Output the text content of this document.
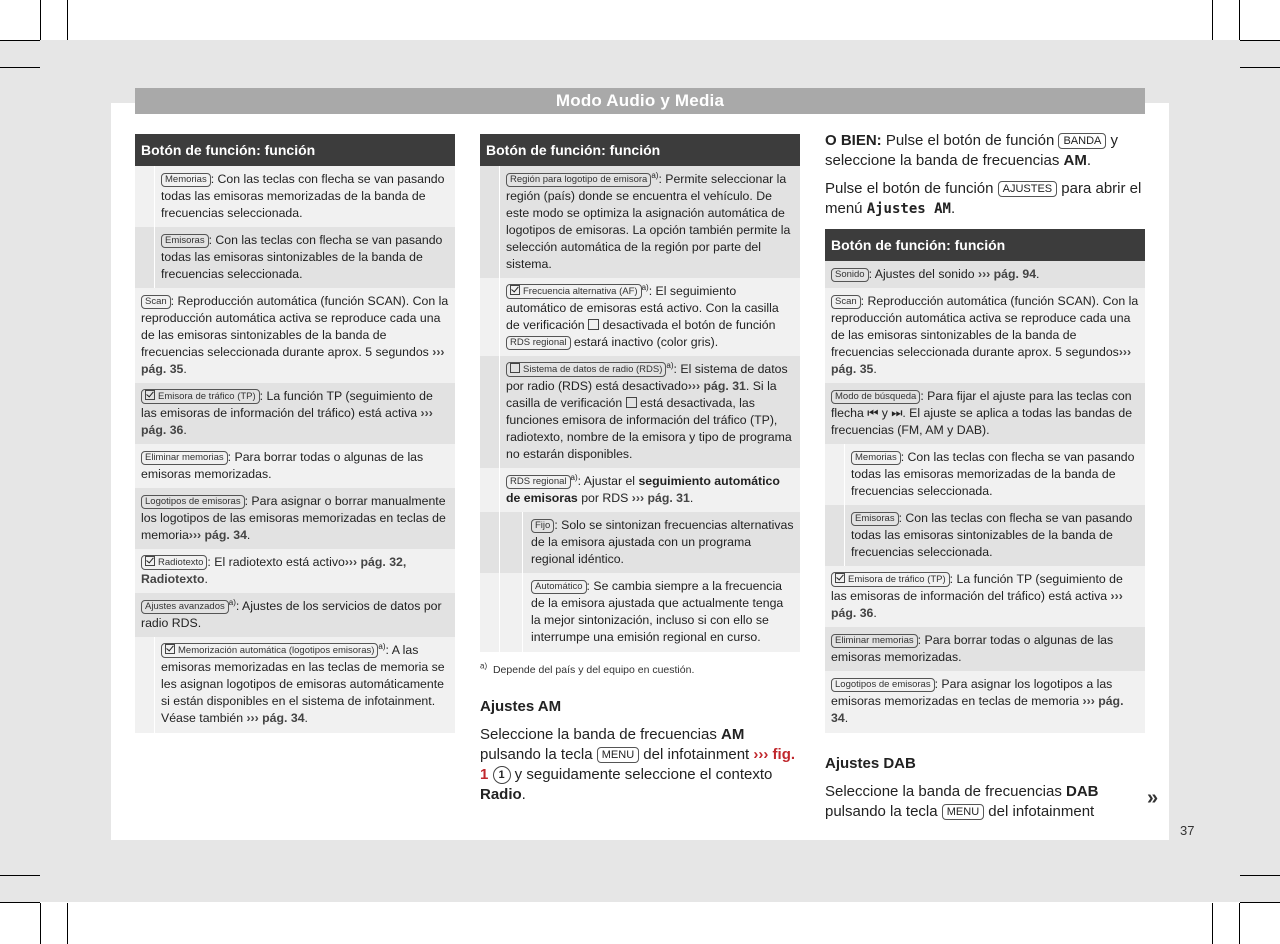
Modo Audio y Media
Botón de función: función	
	Memorias : Con las teclas con flecha se van pasando todas las emisoras memorizadas de la banda de frecuencias seleccionada.
	Emisoras : Con las teclas con flecha se van pasando todas las emisoras sintonizables de la banda de frecuencias seleccionada.
Scan : Reproducción automática (función SCAN). Con la reproducción automática activa se reproduce cada una de las emisoras sintonizables de la banda de frecuencias seleccionada durante aprox. 5 segundos ››› pág. 35.	
Emisora de tráfico (TP) : La función TP (seguimiento de las emisoras de información del tráfico) está activa ››› pág. 36.	
Eliminar memorias : Para borrar todas o algunas de las emisoras memorizadas.	
Logotipos de emisoras : Para asignar o borrar manualmente los logotipos de las emisoras memorizadas en teclas de memoria››› pág. 34.	
Radiotexto : El radiotexto está activo››› pág. 32, Radiotexto.	
Ajustes avanzados $^{a)}$: Ajustes de los servicios de datos por radio RDS.	
	Memorización automática (logotipos emisoras) $^{a)}$: A las emisoras memorizadas en las teclas de memoria se les asignan logotipos de emisoras automáticamente si están disponibles en el sistema de infotainment. Véase también ››› pág. 34.
Botón de función: función	
	Región para logotipo de emisora $^{a)}$: Permite seleccionar la región (país) donde se encuentra el vehículo. De este modo se optimiza la asignación automática de logotipos de emisoras. La opción también permite la selección automática de la región por parte del sistema.
	Frecuencia alternativa (AF) $^{a)}$: El seguimiento automático de emisoras está activo. Con la casilla de verificación  desactivada el botón de función RDS regional estará inactivo (color gris).
	Sistema de datos de radio (RDS) $^{a)}$: El sistema de datos por radio (RDS) está desactivado››› pág. 31. Si la casilla de verificación  está desactivada, las funciones emisora de información del tráfico (TP), radiotexto, nombre de la emisora y tipo de programa no estarán disponibles.
	RDS regional $^{a)}$: Ajustar el seguimiento automático de emisoras por RDS ››› pág. 31.

Fijo : Solo se sintonizan frecuencias alternativas de la emisora ajustada con un programa regional idéntico.

Automático : Se cambia siempre a la frecuencia de la emisora ajustada que actualmente tenga la mejor sintonización, incluso si con ello se interrumpe una emisión regional en curso.
$^{a)}$ Depende del país y del equipo en cuestión.
Ajustes AM

Seleccione la banda de frecuencias AM pulsando la tecla MENU del infotainment ››› fig. 1 1 y seguidamente seleccione el contexto Radio.

O BIEN: Pulse el botón de función BANDA y seleccione la banda de frecuencias AM.

Pulse el botón de función AJUSTES para abrir el menú Ajustes AM.

Botón de función: función	
Sonido : Ajustes del sonido ››› pág. 94.	
Scan : Reproducción automática (función SCAN). Con la reproducción automática activa se reproduce cada una de las emisoras sintonizables de la banda de frecuencias seleccionada durante aprox. 5 segundos››› pág. 35.	
Modo de búsqueda : Para fijar el ajuste para las teclas con flecha ⏮ y ⏭. El ajuste se aplica a todas las bandas de frecuencias (FM, AM y DAB).	
	Memorias : Con las teclas con flecha se van pasando todas las emisoras memorizadas de la banda de frecuencias seleccionada.
	Emisoras : Con las teclas con flecha se van pasando todas las emisoras sintonizables de la banda de frecuencias seleccionada.
Emisora de tráfico (TP) : La función TP (seguimiento de las emisoras de información del tráfico) está activa ››› pág. 36.	
Eliminar memorias : Para borrar todas o algunas de las emisoras memorizadas.	
Logotipos de emisoras : Para asignar los logotipos a las emisoras memorizadas en teclas de memoria ››› pág. 34.	
Ajustes DAB

Seleccione la banda de frecuencias DAB pulsando la tecla MENU del infotainment

»
37
